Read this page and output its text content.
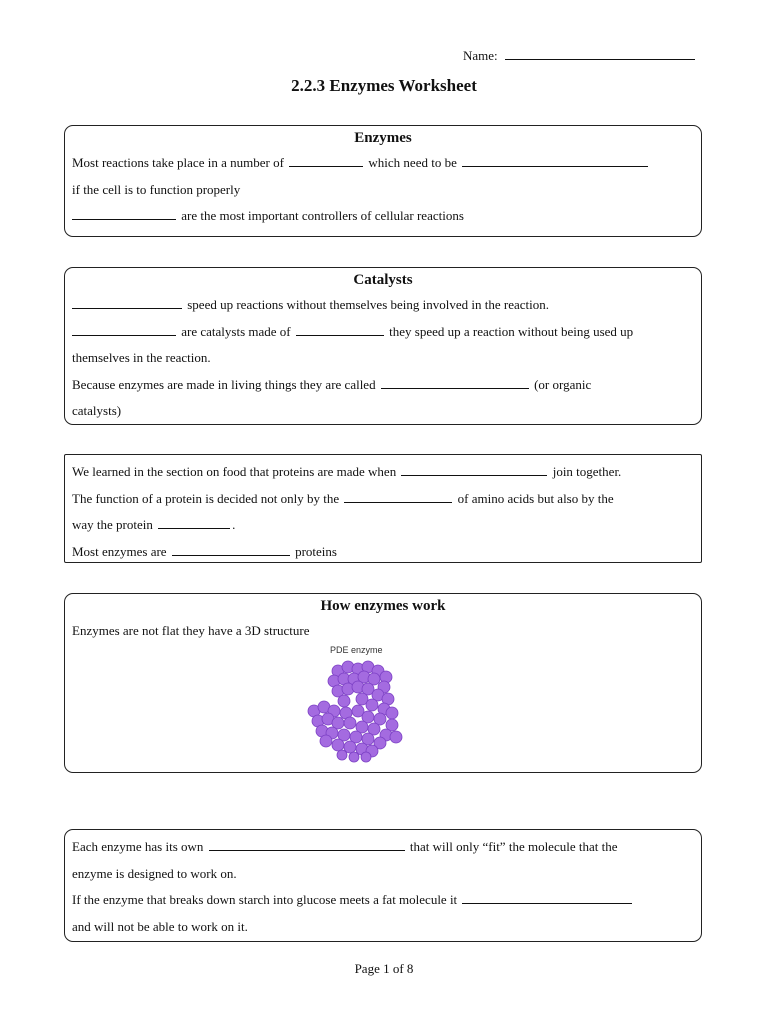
Name:
2.2.3 Enzymes Worksheet
Enzymes
Most reactions take place in a number of	which need to be
if the cell is to function properly
are the most important controllers of cellular reactions
Catalysts
speed up reactions without themselves being involved in the reaction.
are catalysts made of	they speed up a reaction without being used up
themselves in the reaction.
Because enzymes are made in living things they are called	(or organic
catalysts)
We learned in the section on food that proteins are made when	join together.
The function of a protein is decided not only by the	of amino acids but also by the
way the protein	.
Most enzymes are	proteins
How enzymes work
Enzymes are not flat they have a 3D structure
PDE enzyme
Each enzyme has its own	that will only “fit” the molecule that the
enzyme is designed to work on.
If the enzyme that breaks down starch into glucose meets a fat molecule it
and will not be able to work on it.
Page 1 of 8
